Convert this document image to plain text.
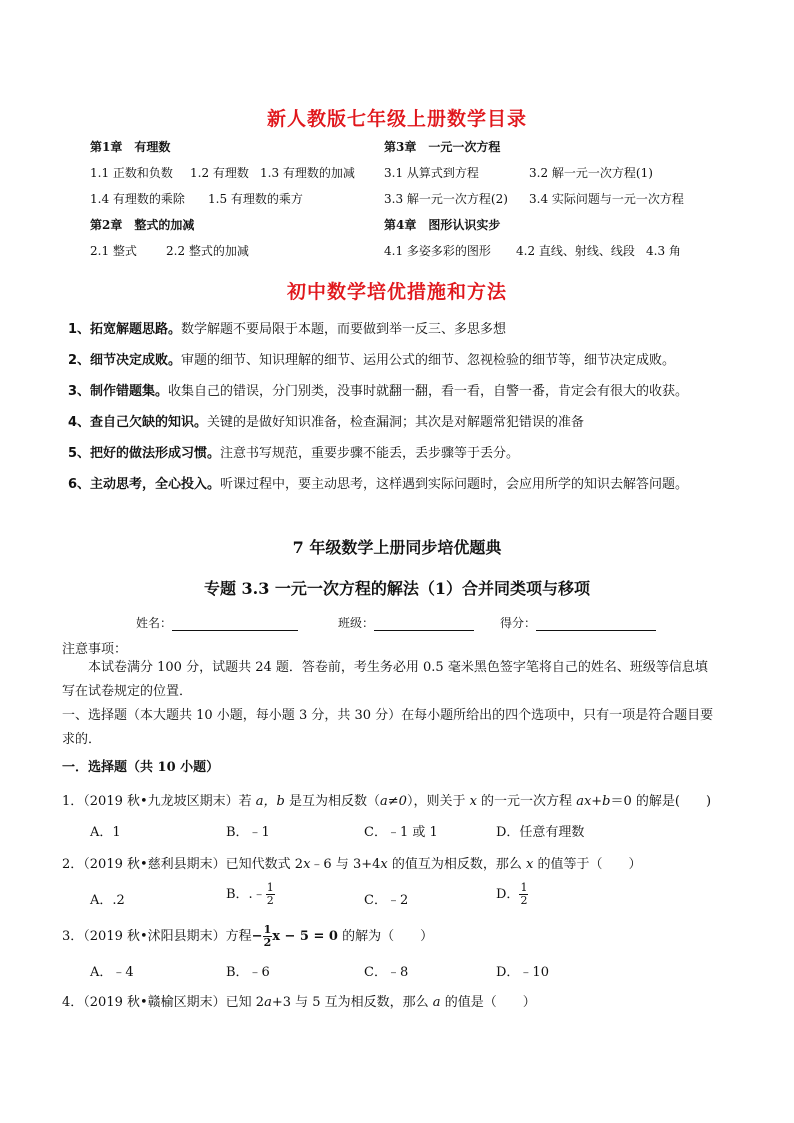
新人教版七年级上册数学目录
第1章　有理数
1.1 正数和负数 1.2 有理数 1.3 有理数的加减
1.4 有理数的乘除 1.5 有理数的乘方
第2章　整式的加减
2.1 整式 2.2 整式的加减
第3章　一元一次方程
3.1 从算式到方程	3.2 解一元一次方程(1)
3.3 解一元一次方程(2) 3.4 实际问题与一元一次方程
第4章　图形认识实步
4.1 多姿多彩的图形 4.2 直线、射线、线段 4.3 角
初中数学培优措施和方法
1、拓宽解题思路。数学解题不要局限于本题，而要做到举一反三、多思多想
2、细节决定成败。审题的细节、知识理解的细节、运用公式的细节、忽视检验的细节等，细节决定成败。
3、制作错题集。收集自己的错误，分门别类，没事时就翻一翻，看一看，自警一番，肯定会有很大的收获。
4、查自己欠缺的知识。关键的是做好知识准备，检查漏洞；其次是对解题常犯错误的准备
5、把好的做法形成习惯。注意书写规范，重要步骤不能丢，丢步骤等于丢分。
6、主动思考，全心投入。听课过程中，要主动思考，这样遇到实际问题时，会应用所学的知识去解答问题。
7 年级数学上册同步培优题典
专题 3.3 一元一次方程的解法（1）合并同类项与移项
姓名：	班级：	得分：
注意事项：
本试卷满分 100 分，试题共 24 题．答卷前，考生务必用 0.5 毫米黑色签字笔将自己的姓名、班级等信息填写在试卷规定的位置．
一、选择题（本大题共 10 小题，每小题 3 分，共 30 分）在每小题所给出的四个选项中，只有一项是符合题目要求的．
一．选择题（共 10 小题）
1．（2019 秋•九龙坡区期末）若 a，b 是互为相反数（a≠0），则关于 x 的一元一次方程 ax+b＝0 的解是(　　)
A．1	B．﹣1	C．﹣1 或 1	D．任意有理数
2．（2019 秋•慈利县期末）已知代数式 2x﹣6 与 3+4x 的值互为相反数，那么 x 的值等于（　　）
A．.2	B．.﹣ $\frac{1}{2}$	C．﹣2	D． $\frac{1}{2}$
3．（2019 秋•沭阳县期末）方程− $\frac{1}{2}$ x − 5 = 0 的解为（　　）
A．﹣4	B．﹣6	C．﹣8	D．﹣10
4．（2019 秋•赣榆区期末）已知 2a+3 与 5 互为相反数，那么 a 的值是（　　）
